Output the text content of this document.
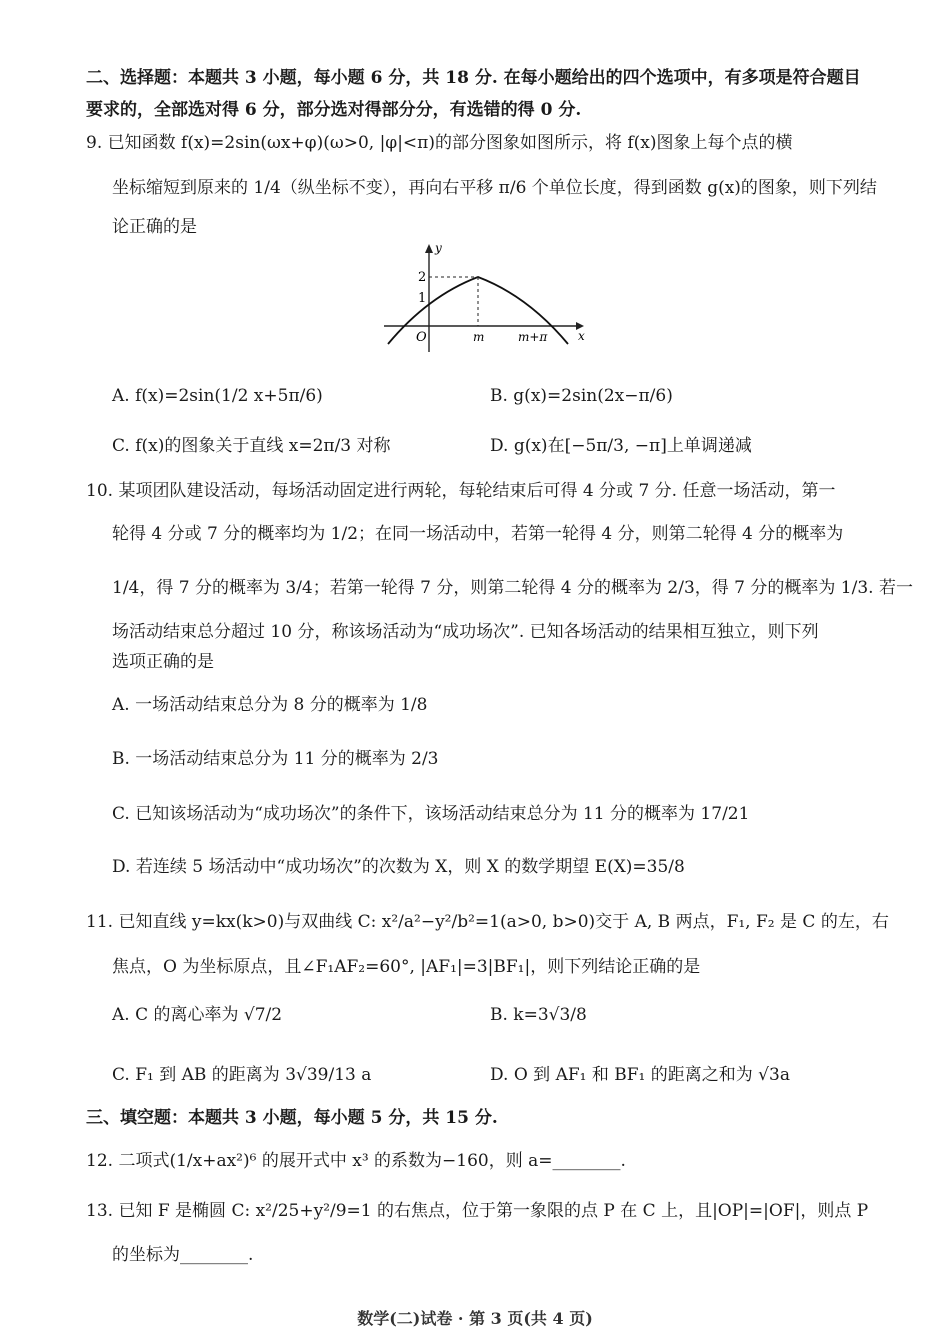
二、选择题：本题共 3 小题，每小题 6 分，共 18 分. 在每小题给出的四个选项中，有多项是符合题目
要求的，全部选对得 6 分，部分选对得部分分，有选错的得 0 分.
9. 已知函数 f(x)=2sin(ωx+φ)(ω>0, |φ|<π)的部分图象如图所示，将 f(x)图象上每个点的横
坐标缩短到原来的 1/4（纵坐标不变），再向右平移 π/6 个单位长度，得到函数 g(x)的图象，则下列结
论正确的是
y
x
O
2
1
m	m+π
A. f(x)=2sin(1/2 x+5π/6)	B. g(x)=2sin(2x−π/6)
C. f(x)的图象关于直线 x=2π/3 对称	D. g(x)在[−5π/3, −π]上单调递减
10. 某项团队建设活动，每场活动固定进行两轮，每轮结束后可得 4 分或 7 分. 任意一场活动，第一
轮得 4 分或 7 分的概率均为 1/2；在同一场活动中，若第一轮得 4 分，则第二轮得 4 分的概率为
1/4，得 7 分的概率为 3/4；若第一轮得 7 分，则第二轮得 4 分的概率为 2/3，得 7 分的概率为 1/3. 若一
场活动结束总分超过 10 分，称该场活动为“成功场次”. 已知各场活动的结果相互独立，则下列
选项正确的是
A. 一场活动结束总分为 8 分的概率为 1/8
B. 一场活动结束总分为 11 分的概率为 2/3
C. 已知该场活动为“成功场次”的条件下，该场活动结束总分为 11 分的概率为 17/21
D. 若连续 5 场活动中“成功场次”的次数为 X，则 X 的数学期望 E(X)=35/8
11. 已知直线 y=kx(k>0)与双曲线 C: x²/a²−y²/b²=1(a>0, b>0)交于 A, B 两点，F₁, F₂ 是 C 的左，右
焦点，O 为坐标原点，且∠F₁AF₂=60°, |AF₁|=3|BF₁|，则下列结论正确的是
A. C 的离心率为 √7/2	B. k=3√3/8
C. F₁ 到 AB 的距离为 3√39/13 a	D. O 到 AF₁ 和 BF₁ 的距离之和为 √3a
三、填空题：本题共 3 小题，每小题 5 分，共 15 分.
12. 二项式(1/x+ax²)⁶ 的展开式中 x³ 的系数为−160，则 a=________.
13. 已知 F 是椭圆 C: x²/25+y²/9=1 的右焦点，位于第一象限的点 P 在 C 上，且|OP|=|OF|，则点 P
的坐标为________.
数学(二)试卷 · 第 3 页(共 4 页)
